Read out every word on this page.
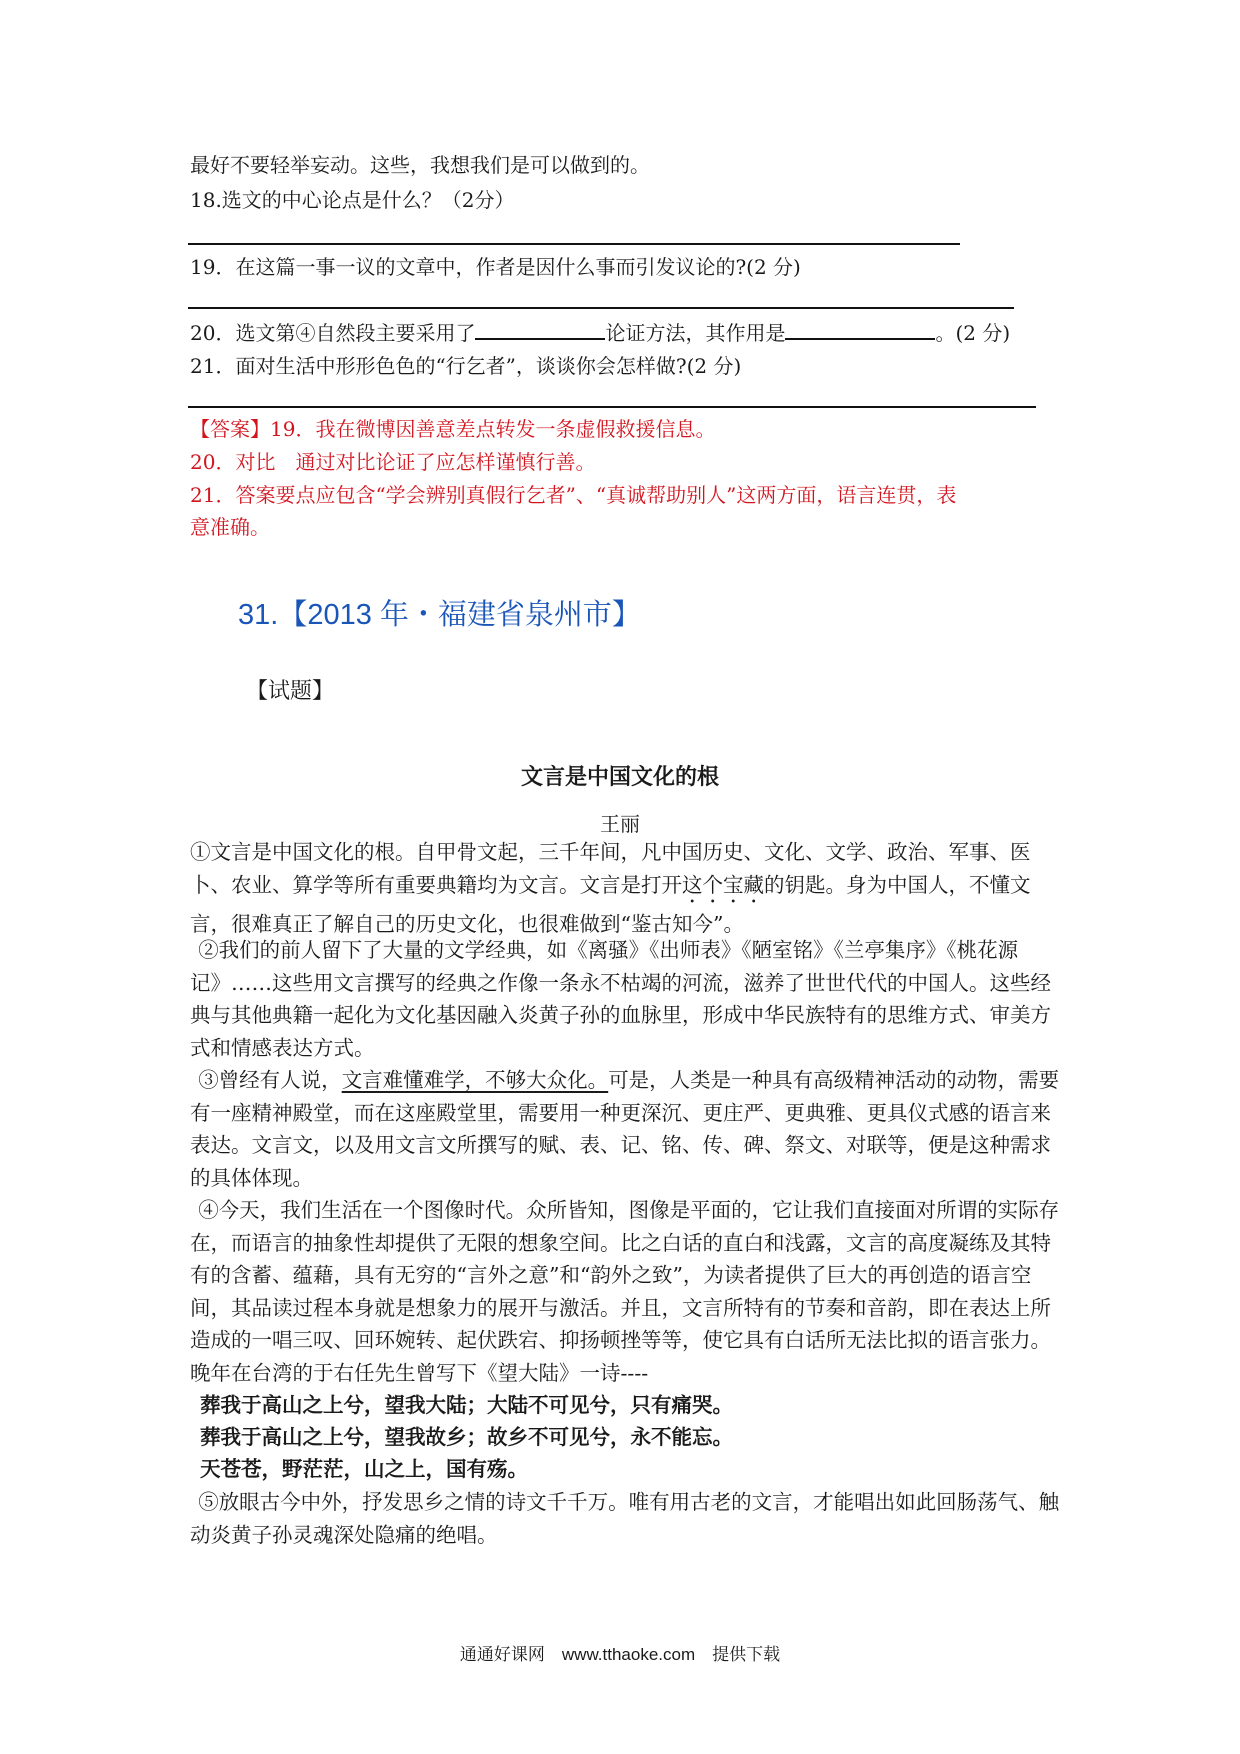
最好不要轻举妄动。这些，我想我们是可以做到的。
18.选文的中心论点是什么？（2分）
19．在这篇一事一议的文章中，作者是因什么事而引发议论的?(2 分)
20．选文第④自然段主要采用了	论证方法，其作用是	。(2 分)
21．面对生活中形形色色的“行乞者”，谈谈你会怎样做?(2 分)
【答案】19．我在微博因善意差点转发一条虚假救援信息。
20．对比　通过对比论证了应怎样谨慎行善。
21．答案要点应包含“学会辨别真假行乞者”、“真诚帮助别人”这两方面，语言连贯，表
意准确。
31.【2013 年・福建省泉州市】
【试题】
文言是中国文化的根
王丽
①文言是中国文化的根。自甲骨文起，三千年间，凡中国历史、文化、文学、政治、军事、医卜、农业、算学等所有重要典籍均为文言。文言是打开这个宝藏的钥匙。身为中国人，不懂文言，很难真正了解自己的历史文化，也很难做到“鉴古知今”。
②我们的前人留下了大量的文学经典，如《离骚》《出师表》《陋室铭》《兰亭集序》《桃花源记》……这些用文言撰写的经典之作像一条永不枯竭的河流，滋养了世世代代的中国人。这些经典与其他典籍一起化为文化基因融入炎黄子孙的血脉里，形成中华民族特有的思维方式、审美方式和情感表达方式。
③曾经有人说，文言难懂难学，不够大众化。可是，人类是一种具有高级精神活动的动物，需要有一座精神殿堂，而在这座殿堂里，需要用一种更深沉、更庄严、更典雅、更具仪式感的语言来表达。文言文，以及用文言文所撰写的赋、表、记、铭、传、碑、祭文、对联等，便是这种需求的具体体现。
④今天，我们生活在一个图像时代。众所皆知，图像是平面的，它让我们直接面对所谓的实际存在，而语言的抽象性却提供了无限的想象空间。比之白话的直白和浅露，文言的高度凝练及其特有的含蓄、蕴藉，具有无穷的“言外之意”和“韵外之致”，为读者提供了巨大的再创造的语言空间，其品读过程本身就是想象力的展开与激活。并且，文言所特有的节奏和音韵，即在表达上所造成的一唱三叹、回环婉转、起伏跌宕、抑扬顿挫等等，使它具有白话所无法比拟的语言张力。晚年在台湾的于右任先生曾写下《望大陆》一诗----
葬我于高山之上兮，望我大陆；大陆不可见兮，只有痛哭。
葬我于高山之上兮，望我故乡；故乡不可见兮，永不能忘。
天苍苍，野茫茫，山之上，国有殇。
⑤放眼古今中外，抒发思乡之情的诗文千千万。唯有用古老的文言，才能唱出如此回肠荡气、触动炎黄子孙灵魂深处隐痛的绝唱。
通通好课网　www.tthaoke.com　提供下载
